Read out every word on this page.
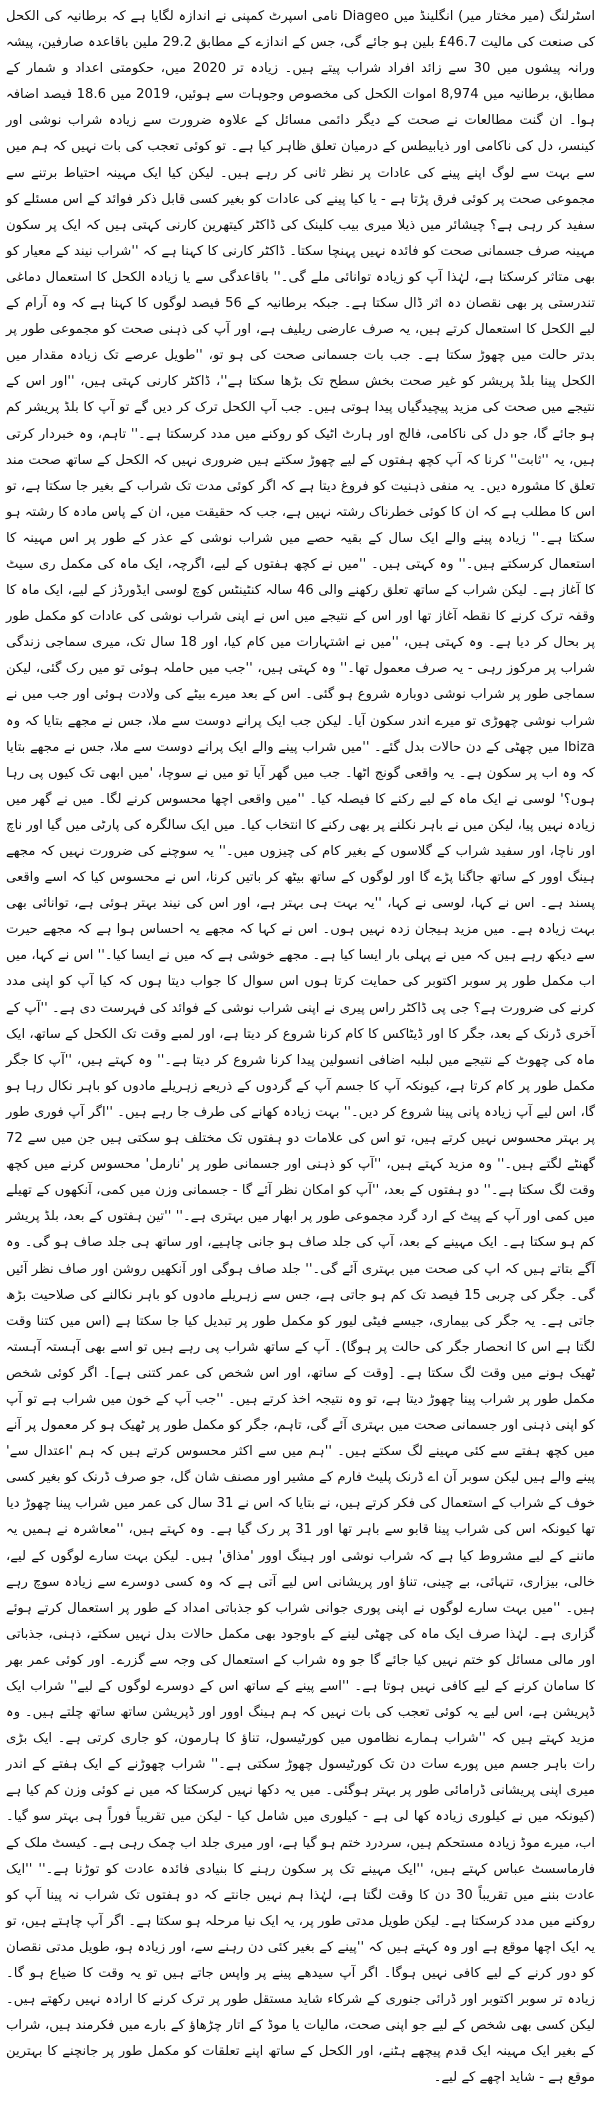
اسٹرلنگ (میر مختار میر) انگلینڈ میں Diageo نامی اسپرٹ کمپنی نے اندازہ لگایا ہے کہ برطانیہ کی الکحل کی صنعت کی مالیت 46.7£ بلین ہو جائے گی، جس کے اندازے کے مطابق 29.2 ملین باقاعدہ صارفین، پیشہ ورانہ پیشوں میں 30 سے زائد افراد شراب پیتے ہیں۔ زیادہ تر 2020 میں، حکومتی اعداد و شمار کے مطابق، برطانیہ میں 8,974 اموات الکحل کی مخصوص وجوہات سے ہوئیں، 2019 میں 18.6 فیصد اضافہ ہوا۔ ان گنت مطالعات نے صحت کے دیگر دائمی مسائل کے علاوہ ضرورت سے زیادہ شراب نوشی اور کینسر، دل کی ناکامی اور ذیابیطس کے درمیان تعلق ظاہر کیا ہے۔ تو کوئی تعجب کی بات نہیں کہ ہم میں سے بہت سے لوگ اپنے پینے کی عادات پر نظر ثانی کر رہے ہیں۔ لیکن کیا ایک مہینہ احتیاط برتنے سے مجموعی صحت پر کوئی فرق پڑتا ہے - یا کیا پینے کی عادات کو بغیر کسی قابل ذکر فوائد کے اس مسئلے کو سفید کر رہی ہے؟ چیشائر میں ذیلا میری بیب کلینک کی ڈاکٹر کیتھرین کارنی کہتی ہیں کہ ایک پر سکون مہینہ صرف جسمانی صحت کو فائدہ نہیں پہنچا سکتا۔ ڈاکٹر کارنی کا کہنا ہے کہ ''شراب نیند کے معیار کو بھی متاثر کرسکتا ہے، لہٰذا آپ کو زیادہ توانائی ملے گی۔'' باقاعدگی سے یا زیادہ الکحل کا استعمال دماغی تندرستی پر بھی نقصان دہ اثر ڈال سکتا ہے۔ جبکہ برطانیہ کے 56 فیصد لوگوں کا کہنا ہے کہ وہ آرام کے لیے الکحل کا استعمال کرتے ہیں، یہ صرف عارضی ریلیف ہے، اور آپ کی ذہنی صحت کو مجموعی طور پر بدتر حالت میں چھوڑ سکتا ہے۔ جب بات جسمانی صحت کی ہو تو، ''طویل عرصے تک زیادہ مقدار میں الکحل پینا بلڈ پریشر کو غیر صحت بخش سطح تک بڑھا سکتا ہے''، ڈاکٹر کارنی کہتی ہیں، ''اور اس کے نتیجے میں صحت کی مزید پیچیدگیاں پیدا ہوتی ہیں۔ جب آپ الکحل ترک کر دیں گے تو آپ کا بلڈ پریشر کم ہو جائے گا، جو دل کی ناکامی، فالج اور ہارٹ اٹیک کو روکنے میں مدد کرسکتا ہے۔'' تاہم، وہ خبردار کرتی ہیں، یہ ''ثابت'' کرنا کہ آپ کچھ ہفتوں کے لیے چھوڑ سکتے ہیں ضروری نہیں کہ الکحل کے ساتھ صحت مند تعلق کا مشورہ دیں۔ یہ منفی ذہنیت کو فروغ دیتا ہے کہ اگر کوئی مدت تک شراب کے بغیر جا سکتا ہے، تو اس کا مطلب ہے کہ ان کا کوئی خطرناک رشتہ نہیں ہے، جب کہ حقیقت میں، ان کے پاس مادہ کا رشتہ ہو سکتا ہے۔'' زیادہ پینے والے ایک سال کے بقیہ حصے میں شراب نوشی کے عذر کے طور پر اس مہینہ کا استعمال کرسکتے ہیں۔'' وہ کہتی ہیں۔ ''میں نے کچھ ہفتوں کے لیے، اگرچہ، ایک ماہ کی مکمل ری سیٹ کا آغاز ہے۔ لیکن شراب کے ساتھ تعلق رکھنے والی 46 سالہ کنٹینٹس کوچ لوسی ایڈورڈز کے لیے، ایک ماہ کا وقفہ ترک کرنے کا نقطہ آغاز تھا اور اس کے نتیجے میں اس نے اپنی شراب نوشی کی عادات کو مکمل طور پر بحال کر دیا ہے۔ وہ کہتی ہیں، ''میں نے اشتہارات میں کام کیا، اور 18 سال تک، میری سماجی زندگی شراب پر مرکوز رہی - یہ صرف معمول تھا۔'' وہ کہتی ہیں، ''جب میں حاملہ ہوئی تو میں رک گئی، لیکن سماجی طور پر شراب نوشی دوبارہ شروع ہو گئی۔ اس کے بعد میرے بیٹے کی ولادت ہوئی اور جب میں نے شراب نوشی چھوڑی تو میرے اندر سکون آیا۔ لیکن جب ایک پرانے دوست سے ملا، جس نے مجھے بتایا کہ وہ Ibiza میں چھٹی کے دن حالات بدل گئے۔ ''میں شراب پینے والے ایک پرانے دوست سے ملا، جس نے مجھے بتایا کہ وہ اب پر سکون ہے۔ یہ واقعی گونج اٹھا۔ جب میں گھر آیا تو میں نے سوچا، 'میں ابھی تک کیوں پی رہا ہوں؟' لوسی نے ایک ماہ کے لیے رکنے کا فیصلہ کیا۔ ''میں واقعی اچھا محسوس کرنے لگا۔ میں نے گھر میں زیادہ نہیں پیا، لیکن میں نے باہر نکلنے پر بھی رکنے کا انتخاب کیا۔ میں ایک سالگرہ کی پارٹی میں گیا اور ناچ اور ناچا، اور سفید شراب کے گلاسوں کے بغیر کام کی چیزوں میں۔'' یہ سوچنے کی ضرورت نہیں کہ مجھے ہینگ اوور کے ساتھ جاگنا پڑے گا اور لوگوں کے ساتھ بیٹھ کر باتیں کرنا، اس نے محسوس کیا کہ اسے واقعی پسند ہے۔ اس نے کہا، لوسی نے کہا، ''یہ بہت ہی بہتر ہے، اور اس کی نیند بہتر ہوئی ہے، توانائی بھی بہت زیادہ ہے۔ میں مزید ہیجان زدہ نہیں ہوں۔ اس نے کہا کہ مجھے یہ احساس ہوا ہے کہ مجھے حیرت سے دیکھ رہے ہیں کہ میں نے پہلی بار ایسا کیا ہے۔ مجھے خوشی ہے کہ میں نے ایسا کیا۔'' اس نے کہا، میں اب مکمل طور پر سوبر اکتوبر کی حمایت کرتا ہوں اس سوال کا جواب دیتا ہوں کہ کیا آپ کو اپنی مدد کرنے کی ضرورت ہے؟ جی پی ڈاکٹر راس پیری نے اپنی شراب نوشی کے فوائد کی فہرست دی ہے۔ ''آپ کے آخری ڈرنک کے بعد، جگر کا اور ڈیٹاکس کا کام کرنا شروع کر دیتا ہے، اور لمبے وقت تک الکحل کے ساتھ، ایک ماہ کی چھوٹ کے نتیجے میں لبلبہ اضافی انسولین پیدا کرنا شروع کر دیتا ہے۔'' وہ کہتے ہیں، ''آپ کا جگر مکمل طور پر کام کرتا ہے، کیونکہ آپ کا جسم آپ کے گردوں کے ذریعے زہریلے مادوں کو باہر نکال رہا ہو گا، اس لیے آپ زیادہ پانی پینا شروع کر دیں۔'' بہت زیادہ کھانے کی طرف جا رہے ہیں۔ ''اگر آپ فوری طور پر بہتر محسوس نہیں کرتے ہیں، تو اس کی علامات دو ہفتوں تک مختلف ہو سکتی ہیں جن میں سے 72 گھنٹے لگتے ہیں۔'' وہ مزید کہتے ہیں، ''آپ کو ذہنی اور جسمانی طور پر 'نارمل' محسوس کرنے میں کچھ وقت لگ سکتا ہے۔'' دو ہفتوں کے بعد، ''آپ کو امکان نظر آئے گا - جسمانی وزن میں کمی، آنکھوں کے تھیلے میں کمی اور آپ کے پیٹ کے ارد گرد مجموعی طور پر ابھار میں بہتری ہے۔'' ''تین ہفتوں کے بعد، بلڈ پریشر کم ہو سکتا ہے۔ ایک مہینے کے بعد، آپ کی جلد صاف ہو جانی چاہیے، اور ساتھ ہی جلد صاف ہو گی۔ وہ آگے بتاتے ہیں کہ اپ کی صحت میں بہتری آئے گی۔'' جلد صاف ہوگی اور آنکھیں روشن اور صاف نظر آئیں گی۔ جگر کی چربی 15 فیصد تک کم ہو جاتی ہے، جس سے زہریلے مادوں کو باہر نکالنے کی صلاحیت بڑھ جاتی ہے۔ یہ جگر کی بیماری، جیسے فیٹی لیور کو مکمل طور پر تبدیل کیا جا سکتا ہے (اس میں کتنا وقت لگتا ہے اس کا انحصار جگر کی حالت پر ہوگا)۔ آپ کے ساتھ شراب پی رہے ہیں تو اسے بھی آہستہ آہستہ ٹھیک ہونے میں وقت لگ سکتا ہے۔ [وقت کے ساتھ، اور اس شخص کی عمر کتنی ہے]۔ اگر کوئی شخص مکمل طور پر شراب پینا چھوڑ دیتا ہے، تو وہ نتیجہ اخذ کرتے ہیں۔ ''جب آپ کے خون میں شراب ہے تو آپ کو اپنی ذہنی اور جسمانی صحت میں بہتری آئے گی، تاہم، جگر کو مکمل طور پر ٹھیک ہو کر معمول پر آنے میں کچھ ہفتے سے کئی مہینے لگ سکتے ہیں۔ ''ہم میں سے اکثر محسوس کرتے ہیں کہ ہم 'اعتدال سے' پینے والے ہیں لیکن سوبر آن اے ڈرنک پلیٹ فارم کے مشیر اور مصنف شان گل، جو صرف ڈرنک کو بغیر کسی خوف کے شراب کے استعمال کی فکر کرتے ہیں، نے بتایا کہ اس نے 31 سال کی عمر میں شراب پینا چھوڑ دیا تھا کیونکہ اس کی شراب پینا قابو سے باہر تھا اور 31 پر رک گیا ہے۔ وہ کہتے ہیں، ''معاشرہ نے ہمیں یہ ماننے کے لیے مشروط کیا ہے کہ شراب نوشی اور ہینگ اوور 'مذاق' ہیں۔ لیکن بہت سارے لوگوں کے لیے، خالی، بیزاری، تنہائی، بے چینی، تناؤ اور پریشانی اس لیے آتی ہے کہ وہ کسی دوسرے سے زیادہ سوچ رہے ہیں۔ ''میں بہت سارے لوگوں نے اپنی پوری جوانی شراب کو جذباتی امداد کے طور پر استعمال کرتے ہوئے گزاری ہے۔ لہٰذا صرف ایک ماہ کی چھٹی لینے کے باوجود بھی مکمل حالات بدل نہیں سکتے، ذہنی، جذباتی اور مالی مسائل کو ختم نہیں کیا جائے گا جو وہ شراب کے استعمال کی وجہ سے گزرے۔ اور کوئی عمر بھر کا سامان کرنے کے لیے کافی نہیں ہوتا ہے۔ ''اسے پینے کے ساتھ اس کے دوسرے لوگوں کے لیے'' شراب ایک ڈپریشن ہے، اس لیے یہ کوئی تعجب کی بات نہیں کہ ہم ہینگ اوور اور ڈپریشن ساتھ ساتھ چلتے ہیں۔ وہ مزید کہتے ہیں کہ ''شراب ہمارے نظاموں میں کورٹیسول، تناؤ کا ہارمون، کو جاری کرتی ہے۔ ایک بڑی رات باہر جسم میں پورے سات دن تک کورٹیسول چھوڑ سکتی ہے۔'' شراب چھوڑنے کے ایک ہفتے کے اندر میری اپنی پریشانی ڈرامائی طور پر بہتر ہوگئی۔ میں یہ دکھا نہیں کرسکتا کہ میں نے کوئی وزن کم کیا ہے (کیونکہ میں نے کیلوری زیادہ کھا لی ہے - کیلوری میں شامل کیا - لیکن میں تقریباً فوراً ہی بہتر سو گیا۔ اب، میرے موڈ زیادہ مستحکم ہیں، سردرد ختم ہو گیا ہے، اور میری جلد اب چمک رہی ہے۔ کیسٹ ملک کے فارماسسٹ عباس کہتے ہیں، ''ایک مہینے تک پر سکون رہنے کا بنیادی فائدہ عادت کو توڑنا ہے۔'' ''ایک عادت بننے میں تقریباً 30 دن کا وقت لگتا ہے، لہٰذا ہم نہیں جانتے کہ دو ہفتوں تک شراب نہ پینا آپ کو روکنے میں مدد کرسکتا ہے۔ لیکن طویل مدتی طور پر، یہ ایک نیا مرحلہ ہو سکتا ہے۔ اگر آپ چاہتے ہیں، تو یہ ایک اچھا موقع ہے اور وہ کہتے ہیں کہ ''پینے کے بغیر کئی دن رہنے سے، اور زیادہ ہو، طویل مدتی نقصان کو دور کرنے کے لیے کافی نہیں ہوگا۔ اگر آپ سیدھے پینے پر واپس جاتے ہیں تو یہ وقت کا ضیاع ہو گا۔ زیادہ تر سوبر اکتوبر اور ڈرائی جنوری کے شرکاء شاید مستقل طور پر ترک کرنے کا ارادہ نہیں رکھتے ہیں۔ لیکن کسی بھی شخص کے لیے جو اپنی صحت، مالیات یا موڈ کے اتار چڑھاؤ کے بارے میں فکرمند ہیں، شراب کے بغیر ایک مہینہ ایک قدم پیچھے ہٹنے، اور الکحل کے ساتھ اپنے تعلقات کو مکمل طور پر جانچنے کا بہترین موقع ہے - شاید اچھے کے لیے۔
